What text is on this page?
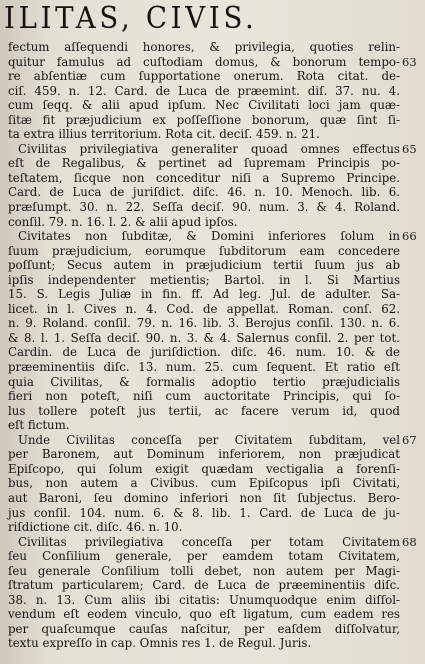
ILITAS, CIVIS.
fectum aſſequendi honores, & privilegia, quoties relin-
quitur famulus ad cuſtodiam domus, & bonorum tempo-
re abſentiæ cum ſupportatione onerum. Rota citat. de-
ciſ. 459. n. 12. Card. de Luca de præemint. diſ. 37. nu. 4.
cum ſeqq. & alii apud ipſum. Nec Civilitati loci jam quæ-
ſitæ fit præjudicium ex poſſeſſione bonorum, quæ ſint ſi-
ta extra illius territorium. Rota cit. deciſ. 459. n. 21.
Civilitas privilegiativa generaliter quoad omnes effectus
eſt de Regalibus, & pertinet ad ſupremam Principis po-
teſtatem, ſicque non conceditur niſi a Supremo Principe.
Card. de Luca de juriſdict. diſc. 46. n. 10. Menoch. lib. 6.
præſumpt. 30. n. 22. Seſſa deciſ. 90. num. 3. & 4. Roland.
conſil. 79. n. 16. l. 2. & alii apud ipſos.
Civitates non ſubditæ, & Domini inferiores ſolum in
ſuum præjudicium, eorumque ſubditorum eam concedere
poſſunt; Secus autem in præjudicium tertii ſuum jus ab
ipſis independenter metientis; Bartol. in l. Si Martius
15. S. Legis Juliæ in fin. ff. Ad leg. Jul. de adulter. Sa-
licet. in l. Cives n. 4. Cod. de appellat. Roman. conſ. 62.
n. 9. Roland. conſil. 79. n. 16. lib. 3. Berojus conſil. 130. n. 6.
& 8. l. 1. Seſſa deciſ. 90. n. 3. & 4. Salernus conſil. 2. per tot.
Cardin. de Luca de juriſdiction. diſc. 46. num. 10. & de
præeminentiis diſc. 13. num. 25. cum ſequent. Et ratio eſt
quia Civilitas, & formalis adoptio tertio præjudicialis
fieri non poteſt, niſi cum auctoritate Principis, qui ſo-
lus tollere poteſt jus tertii, ac facere verum id, quod
eſt fictum.
Unde Civilitas conceſſa per Civitatem ſubditam, vel
per Baronem, aut Dominum inferiorem, non præjudicat
Epiſcopo, qui ſolum exigit quædam vectigalia a forenſi-
bus, non autem a Civibus. cum Epiſcopus ipſi Civitati,
aut Baroni, ſeu domino inferiori non ſit ſubjectus. Bero-
jus conſil. 104. num. 6. & 8. lib. 1. Card. de Luca de ju-
riſdictione cit. diſc. 46. n. 10.
Civilitas privilegiativa conceſſa per totam Civitatem
ſeu Conſilium generale, per eamdem totam Civitatem,
ſeu generale Conſilium tolli debet, non autem per Magi-
ſtratum particularem; Card. de Luca de præeminentiis diſc.
38. n. 13. Cum aliis ibi citatis: Unumquodque enim diſſol-
vendum eſt eodem vinculo, quo eſt ligatum, cum eadem res
per quaſcumque cauſas naſcitur, per eaſdem diſſolvatur,
textu expreſſo in cap. Omnis res 1. de Regul. Juris.
63
65
66
67
68
